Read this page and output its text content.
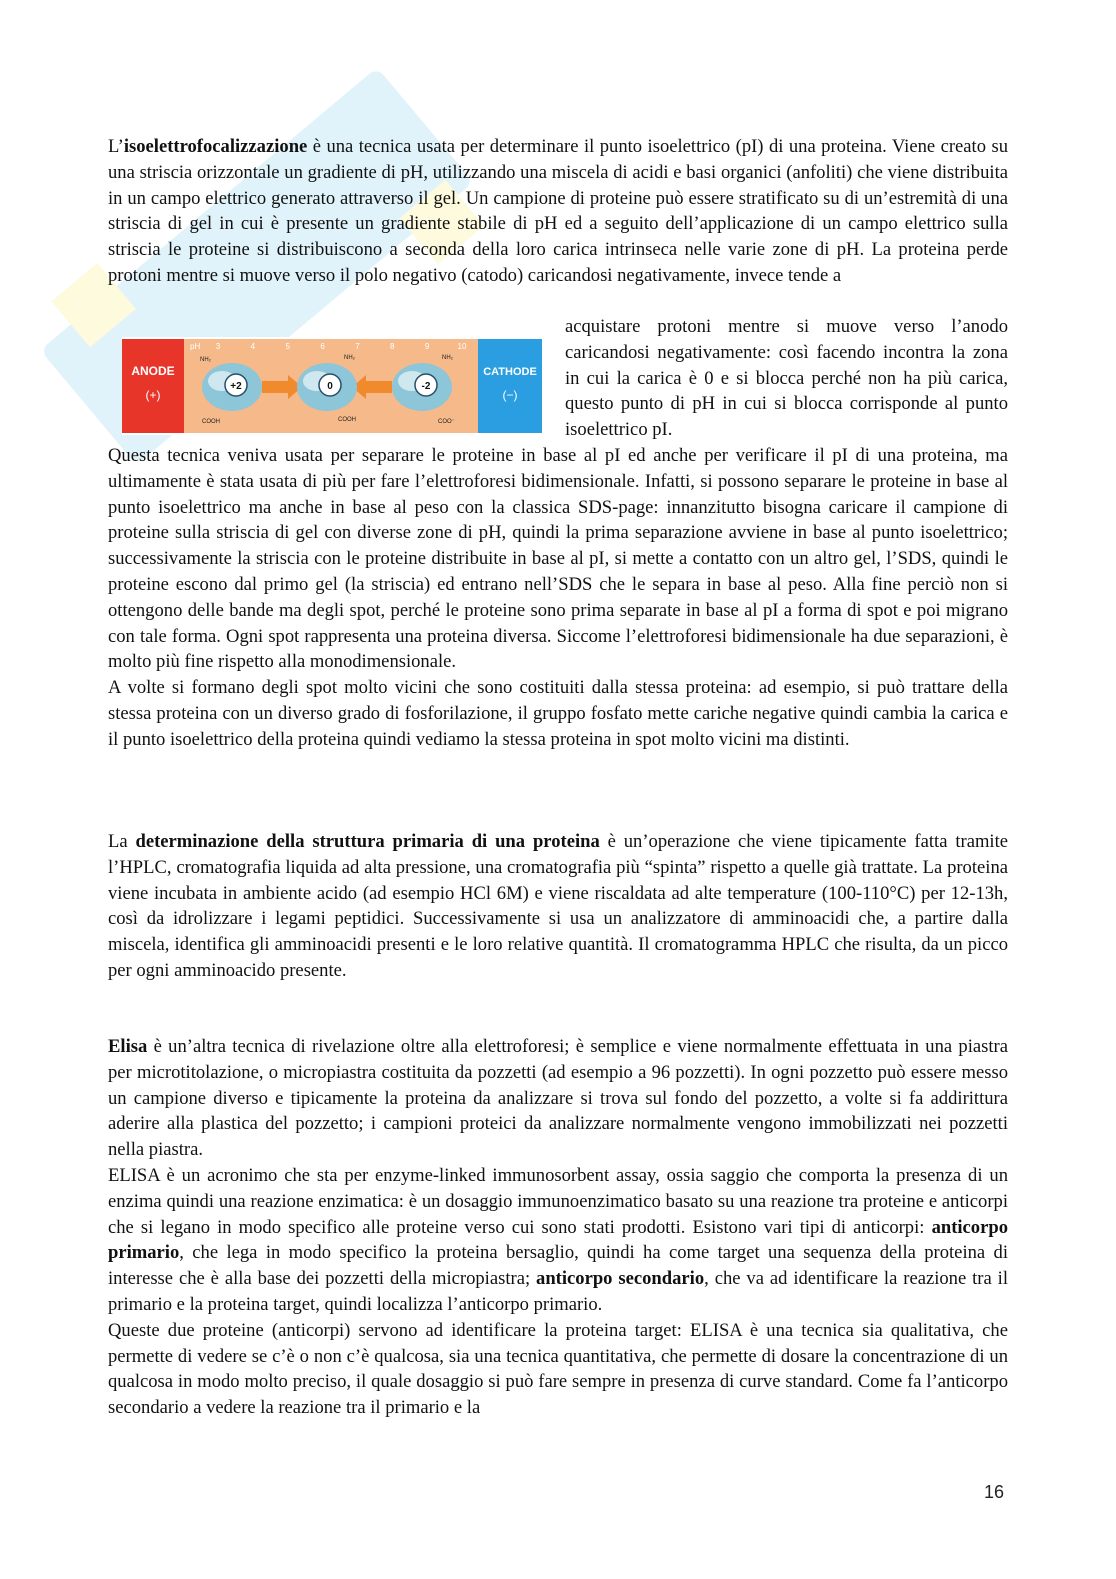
L’isoelettrofocalizzazione è una tecnica usata per determinare il punto isoelettrico (pI) di una proteina. Viene creato su una striscia orizzontale un gradiente di pH, utilizzando una miscela di acidi e basi organici (anfoliti) che viene distribuita in un campo elettrico generato attraverso il gel. Un campione di proteine può essere stratificato su di un’estremità di una striscia di gel in cui è presente un gradiente stabile di pH ed a seguito dell’applicazione di un campo elettrico sulla striscia le proteine si distribuiscono a seconda della loro carica intrinseca nelle varie zone di pH. La proteina perde protoni mentre si muove verso il polo negativo (catodo) caricandosi negativamente, invece tende a

ANODE
(+)
CATHODE
(−)
pH 3	4	5	6	7	8	9	10
+2
NH₂
COOH
0
NH₂
COOH
-2
NH₂
COO⁻

acquistare protoni mentre si muove verso l’anodo caricandosi negativamente: così facendo incontra la zona in cui la carica è 0 e si blocca perché non ha più carica, questo punto di pH in cui si blocca corrisponde al punto isoelettrico pI.

Questa tecnica veniva usata per separare le proteine in base al pI ed anche per verificare il pI di una proteina, ma ultimamente è stata usata di più per fare l’elettroforesi bidimensionale. Infatti, si possono separare le proteine in base al punto isoelettrico ma anche in base al peso con la classica SDS-page: innanzitutto bisogna caricare il campione di proteine sulla striscia di gel con diverse zone di pH, quindi la prima separazione avviene in base al punto isoelettrico; successivamente la striscia con le proteine distribuite in base al pI, si mette a contatto con un altro gel, l’SDS, quindi le proteine escono dal primo gel (la striscia) ed entrano nell’SDS che le separa in base al peso. Alla fine perciò non si ottengono delle bande ma degli spot, perché le proteine sono prima separate in base al pI a forma di spot e poi migrano con tale forma. Ogni spot rappresenta una proteina diversa. Siccome l’elettroforesi bidimensionale ha due separazioni, è molto più fine rispetto alla monodimensionale.

A volte si formano degli spot molto vicini che sono costituiti dalla stessa proteina: ad esempio, si può trattare della stessa proteina con un diverso grado di fosforilazione, il gruppo fosfato mette cariche negative quindi cambia la carica e il punto isoelettrico della proteina quindi vediamo la stessa proteina in spot molto vicini ma distinti.

La determinazione della struttura primaria di una proteina è un’operazione che viene tipicamente fatta tramite l’HPLC, cromatografia liquida ad alta pressione, una cromatografia più “spinta” rispetto a quelle già trattate. La proteina viene incubata in ambiente acido (ad esempio HCl 6M) e viene riscaldata ad alte temperature (100-110°C) per 12-13h, così da idrolizzare i legami peptidici. Successivamente si usa un analizzatore di amminoacidi che, a partire dalla miscela, identifica gli amminoacidi presenti e le loro relative quantità. Il cromatogramma HPLC che risulta, da un picco per ogni amminoacido presente.

Elisa è un’altra tecnica di rivelazione oltre alla elettroforesi; è semplice e viene normalmente effettuata in una piastra per microtitolazione, o micropiastra costituita da pozzetti (ad esempio a 96 pozzetti). In ogni pozzetto può essere messo un campione diverso e tipicamente la proteina da analizzare si trova sul fondo del pozzetto, a volte si fa addirittura aderire alla plastica del pozzetto; i campioni proteici da analizzare normalmente vengono immobilizzati nei pozzetti nella piastra.

ELISA è un acronimo che sta per enzyme-linked immunosorbent assay, ossia saggio che comporta la presenza di un enzima quindi una reazione enzimatica: è un dosaggio immunoenzimatico basato su una reazione tra proteine e anticorpi che si legano in modo specifico alle proteine verso cui sono stati prodotti. Esistono vari tipi di anticorpi: anticorpo primario, che lega in modo specifico la proteina bersaglio, quindi ha come target una sequenza della proteina di interesse che è alla base dei pozzetti della micropiastra; anticorpo secondario, che va ad identificare la reazione tra il primario e la proteina target, quindi localizza l’anticorpo primario.

Queste due proteine (anticorpi) servono ad identificare la proteina target: ELISA è una tecnica sia qualitativa, che permette di vedere se c’è o non c’è qualcosa, sia una tecnica quantitativa, che permette di dosare la concentrazione di un qualcosa in modo molto preciso, il quale dosaggio si può fare sempre in presenza di curve standard. Come fa l’anticorpo secondario a vedere la reazione tra il primario e la

16
